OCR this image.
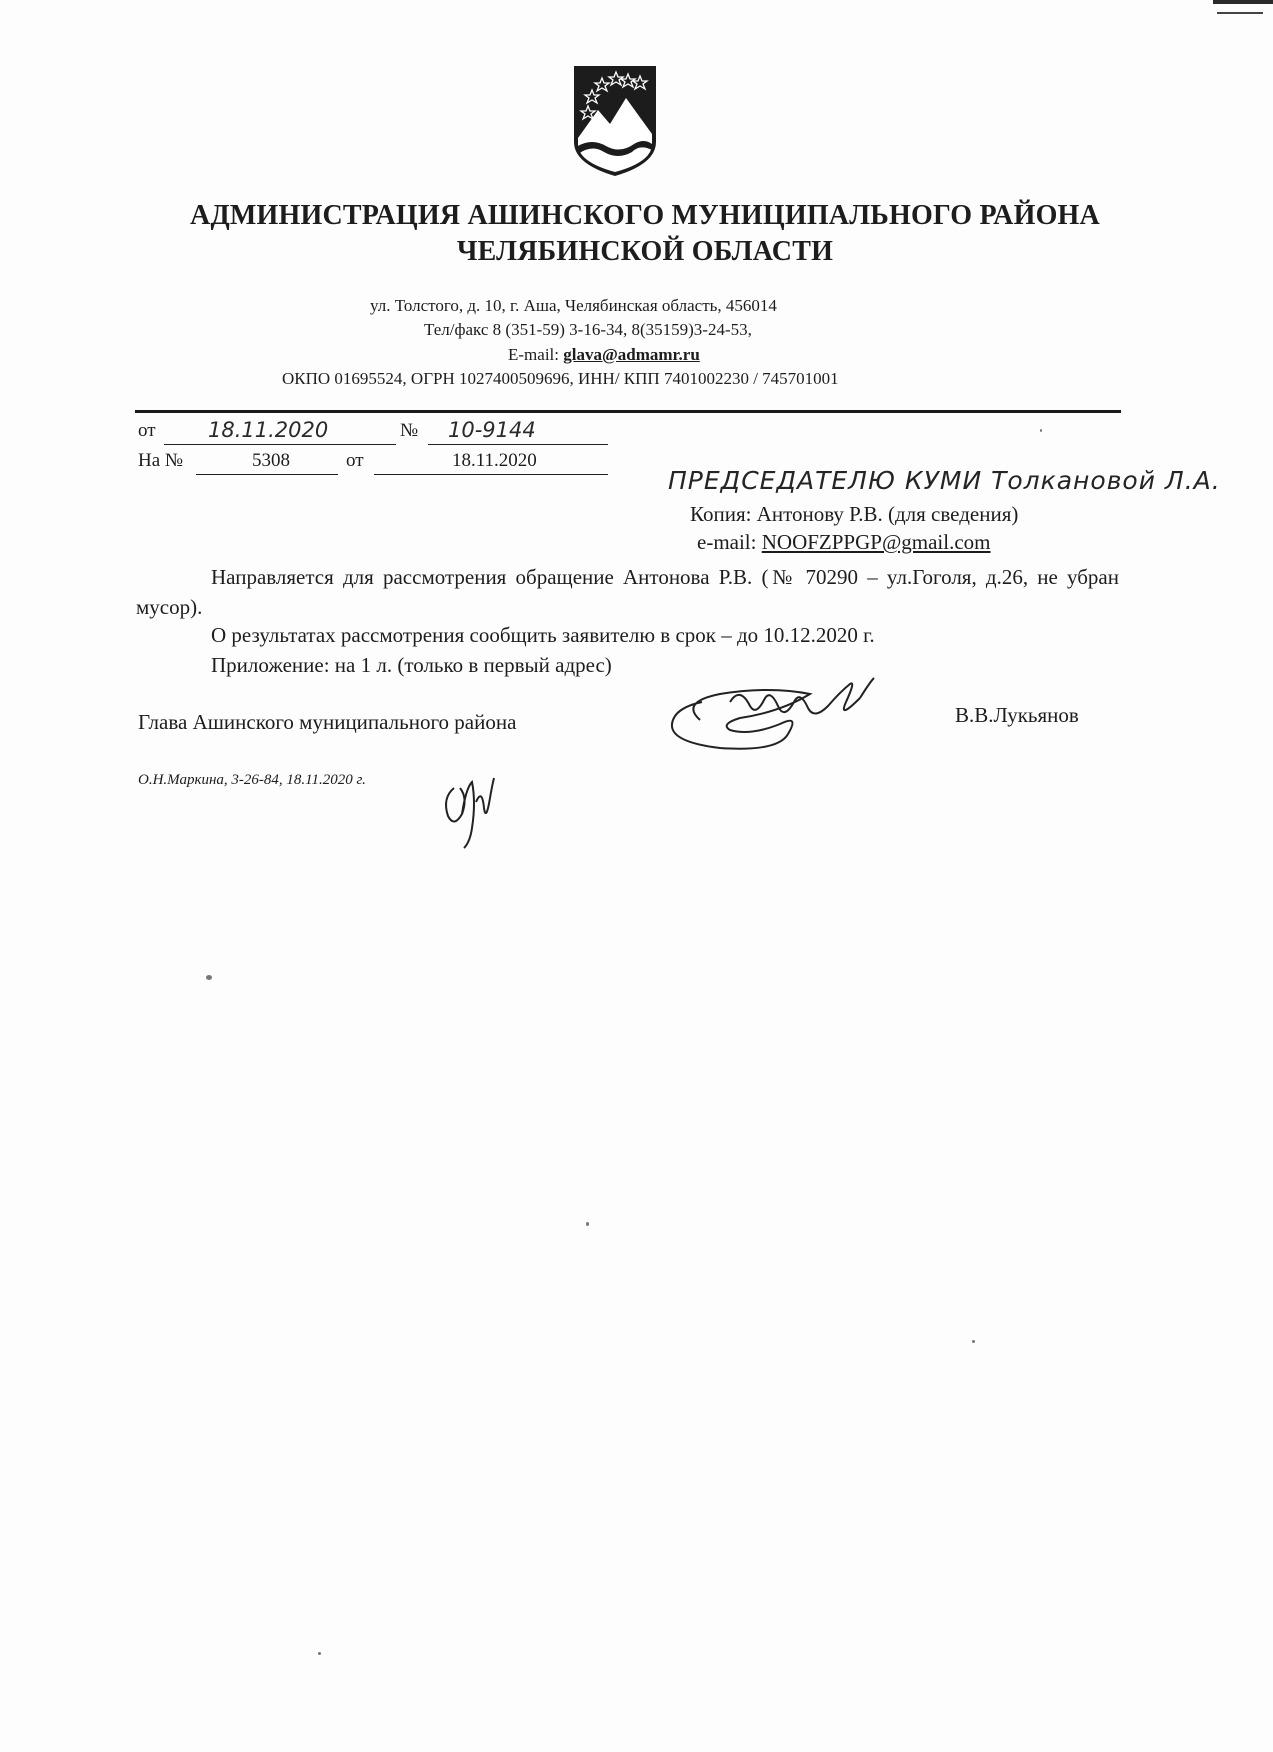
АДМИНИСТРАЦИЯ АШИНСКОГО МУНИЦИПАЛЬНОГО РАЙОНА
ЧЕЛЯБИНСКОЙ ОБЛАСТИ
ул. Толстого, д. 10, г. Аша, Челябинская область, 456014
Тел/факс 8 (351-59) 3-16-34, 8(35159)3-24-53,
E-mail: glava@admamr.ru
ОКПО 01695524, ОГРН 1027400509696, ИНН/ КПП 7401002230 / 745701001
от 18.11.2020	№ 10-9144
На №	5308	от	18.11.2020
ПРЕДСЕДАТЕЛЮ КУМИ Толкановой Л.А.
Копия: Антонову Р.В. (для сведения)
e-mail: NOOFZPPGP@gmail.com
Направляется для рассмотрения обращение Антонова Р.В. (№ 70290 – ул.Гоголя, д.26, не убран мусор).
О результатах рассмотрения сообщить заявителю в срок – до 10.12.2020 г.
Приложение: на 1 л. (только в первый адрес)
Глава Ашинского муниципального района	В.В.Лукьянов
О.Н.Маркина, 3-26-84, 18.11.2020 г.
